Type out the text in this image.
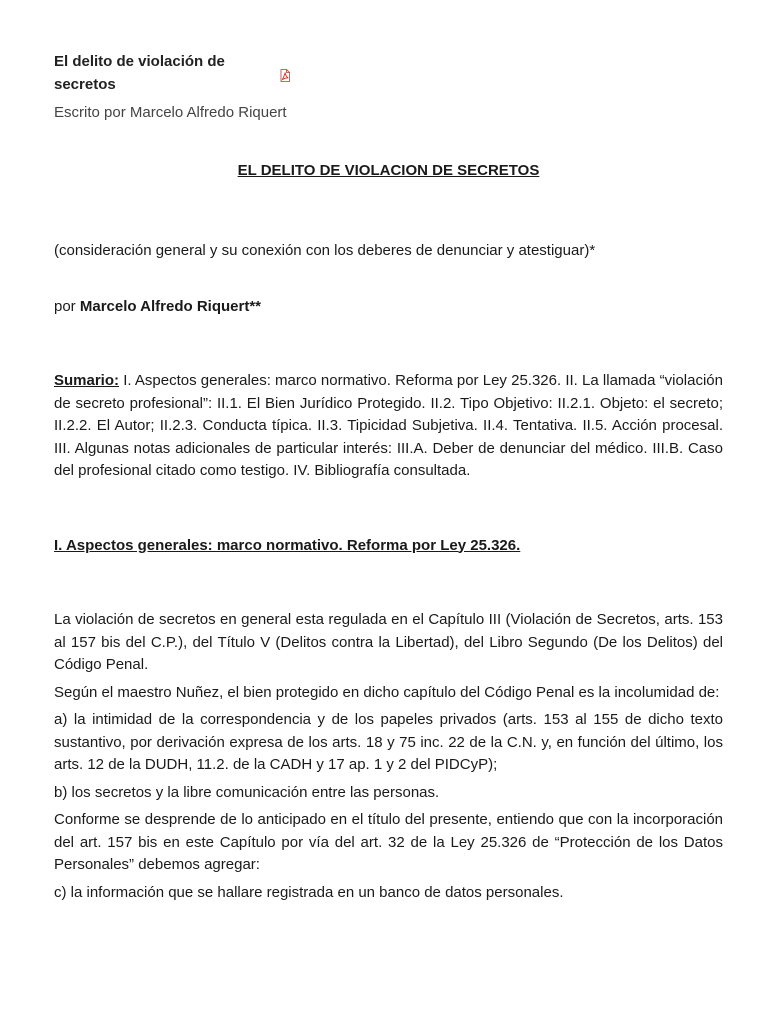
El delito de violación de secretos
Escrito por Marcelo Alfredo Riquert

EL DELITO DE VIOLACION DE SECRETOS

(consideración general y su conexión con los deberes de denunciar y atestiguar)*

por Marcelo Alfredo Riquert**

Sumario: I. Aspectos generales: marco normativo. Reforma por Ley 25.326. II. La llamada “violación de secreto profesional”: II.1. El Bien Jurídico Protegido. II.2. Tipo Objetivo: II.2.1. Objeto: el secreto; II.2.2. El Autor; II.2.3. Conducta típica. II.3. Tipicidad Subjetiva. II.4. Tentativa. II.5. Acción procesal. III. Algunas notas adicionales de particular interés: III.A. Deber de denunciar del médico. III.B. Caso del profesional citado como testigo. IV. Bibliografía consultada.

I. Aspectos generales: marco normativo. Reforma por Ley 25.326.

La violación de secretos en general esta regulada en el Capítulo III (Violación de Secretos, arts. 153 al 157 bis del C.P.), del Título V (Delitos contra la Libertad), del Libro Segundo (De los Delitos) del Código Penal.

Según el maestro Nuñez, el bien protegido en dicho capítulo del Código Penal es la incolumidad de:

a) la intimidad de la correspondencia y de los papeles privados (arts. 153 al 155 de dicho texto sustantivo, por derivación expresa de los arts. 18 y 75 inc. 22 de la C.N. y, en función del último, los arts. 12 de la DUDH, 11.2. de la CADH y 17 ap. 1 y 2 del PIDCyP);

b) los secretos y la libre comunicación entre las personas.

Conforme se desprende de lo anticipado en el título del presente, entiendo que con la incorporación del art. 157 bis en este Capítulo por vía del art. 32 de la Ley 25.326 de “Protección de los Datos Personales” debemos agregar:

c) la información que se hallare registrada en un banco de datos personales.
